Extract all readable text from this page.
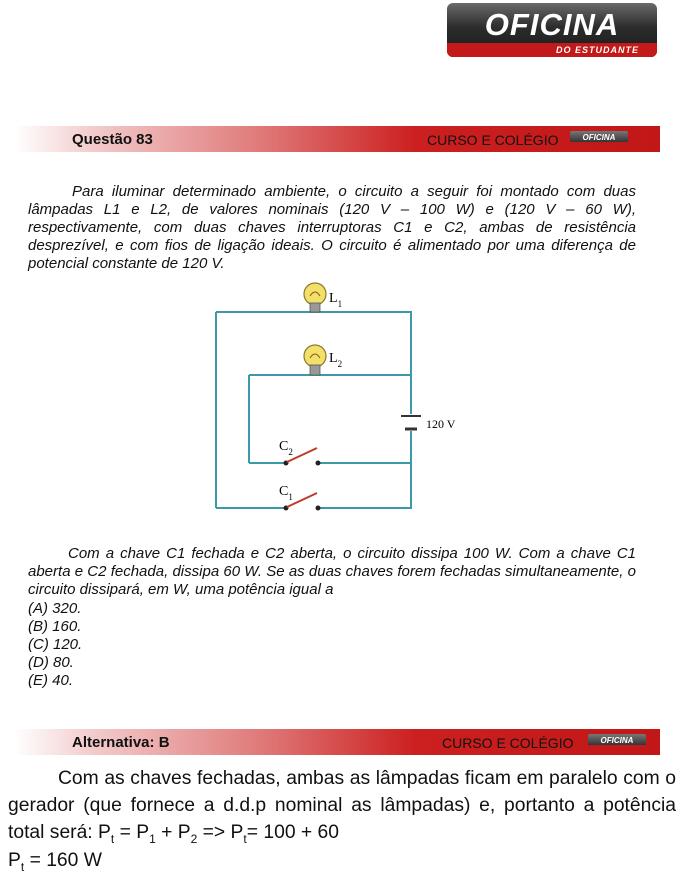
OFICINA
DO ESTUDANTE
Questão 83	CURSO E COLÉGIO	OFICINA

Para iluminar determinado ambiente, o circuito a seguir foi montado com duas lâmpadas L1 e L2, de valores nominais (120 V – 100 W) e (120 V – 60 W), respectivamente, com duas chaves interruptoras C1 e C2, ambas de resistência desprezível, e com fios de ligação ideais. O circuito é alimentado por uma diferença de potencial constante de 120 V.

120 V
$L_1$
$L_2$
$C_2$
$C_1$

Com a chave C1 fechada e C2 aberta, o circuito dissipa 100 W. Com a chave C1 aberta e C2 fechada, dissipa 60 W. Se as duas chaves forem fechadas simultaneamente, o circuito dissipará, em W, uma potência igual a

(A) 320.
(B) 160.
(C) 120.
(D) 80.
(E) 40.
Alternativa: B	CURSO E COLÉGIO	OFICINA

Com as chaves fechadas, ambas as lâmpadas ficam em paralelo com o gerador (que fornece a d.d.p nominal as lâmpadas) e, portanto a potência total será: $P_t = P_1 + P_2 => P_t= 100 + 60$

$P_t = 160$ W
